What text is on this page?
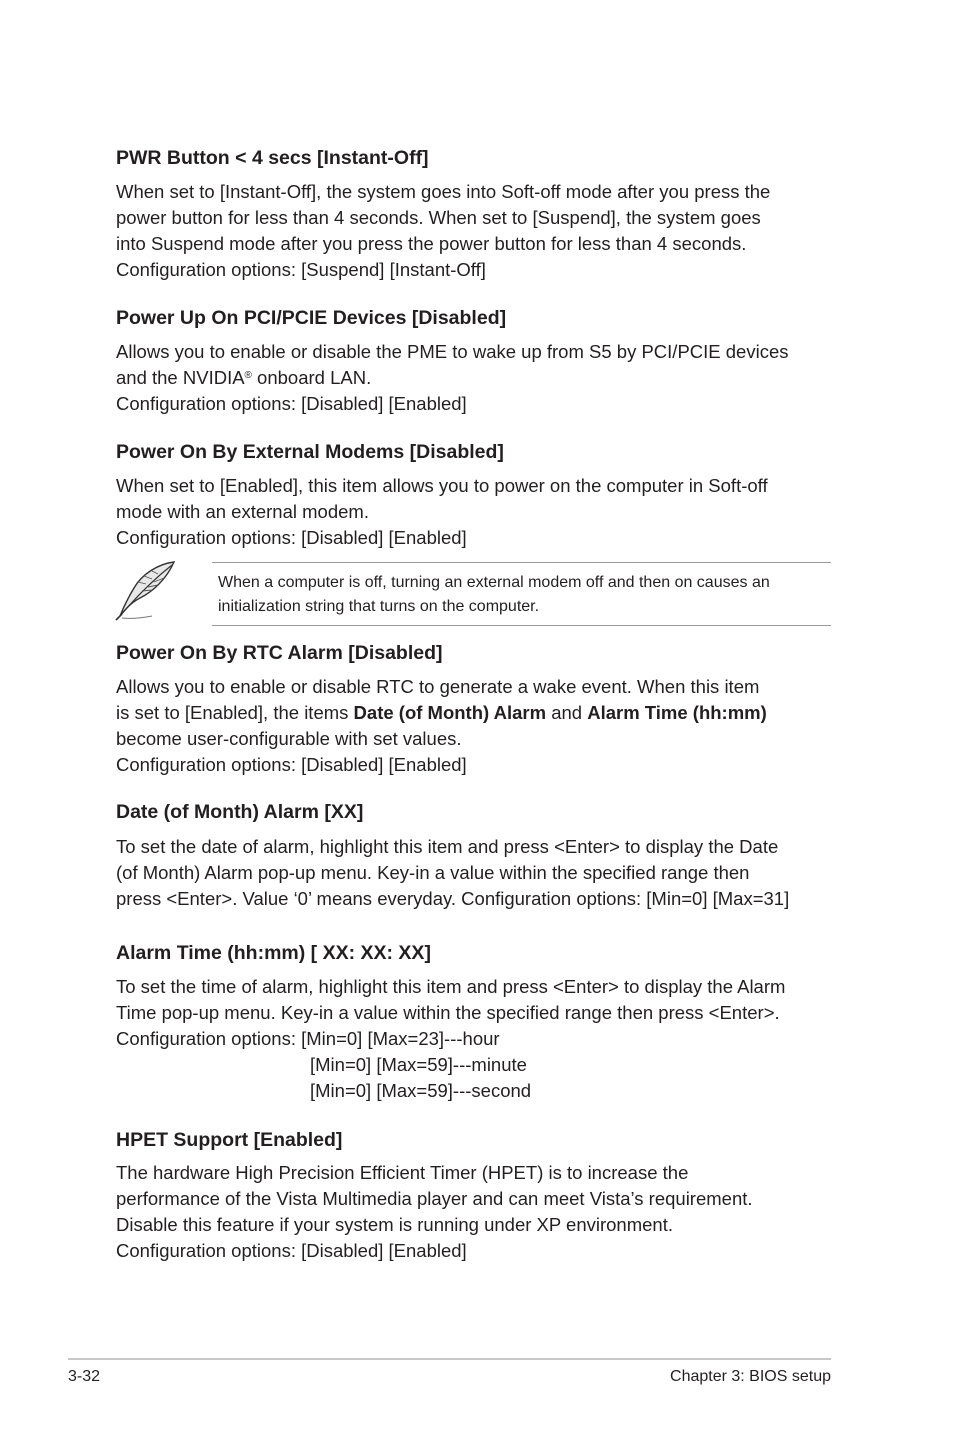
PWR Button < 4 secs [Instant-Off]
When set to [Instant-Off], the system goes into Soft-off mode after you press the
power button for less than 4 seconds. When set to [Suspend], the system goes
into Suspend mode after you press the power button for less than 4 seconds.
Configuration options: [Suspend] [Instant-Off]
Power Up On PCI/PCIE Devices [Disabled]
Allows you to enable or disable the PME to wake up from S5 by PCI/PCIE devices
and the NVIDIA® onboard LAN.
Configuration options: [Disabled] [Enabled]
Power On By External Modems [Disabled]
When set to [Enabled], this item allows you to power on the computer in Soft-off
mode with an external modem.
Configuration options: [Disabled] [Enabled]
When a computer is off, turning an external modem off and then on causes an
initialization string that turns on the computer.
Power On By RTC Alarm [Disabled]
Allows you to enable or disable RTC to generate a wake event. When this item
is set to [Enabled], the items Date (of Month) Alarm and Alarm Time (hh:mm)
become user-configurable with set values.
Configuration options: [Disabled] [Enabled]
Date (of Month) Alarm [XX]
To set the date of alarm, highlight this item and press <Enter> to display the Date
(of Month) Alarm pop-up menu. Key-in a value within the specified range then
press <Enter>. Value ‘0’ means everyday. Configuration options: [Min=0] [Max=31]
Alarm Time (hh:mm) [ XX: XX: XX]
To set the time of alarm, highlight this item and press <Enter> to display the Alarm
Time pop-up menu. Key-in a value within the specified range then press <Enter>.
Configuration options: [Min=0] [Max=23]---hour
[Min=0] [Max=59]---minute
[Min=0] [Max=59]---second
HPET Support [Enabled]
The hardware High Precision Efficient Timer (HPET) is to increase the
performance of the Vista Multimedia player and can meet Vista’s requirement.
Disable this feature if your system is running under XP environment.
Configuration options: [Disabled] [Enabled]
3-32	Chapter 3: BIOS setup
